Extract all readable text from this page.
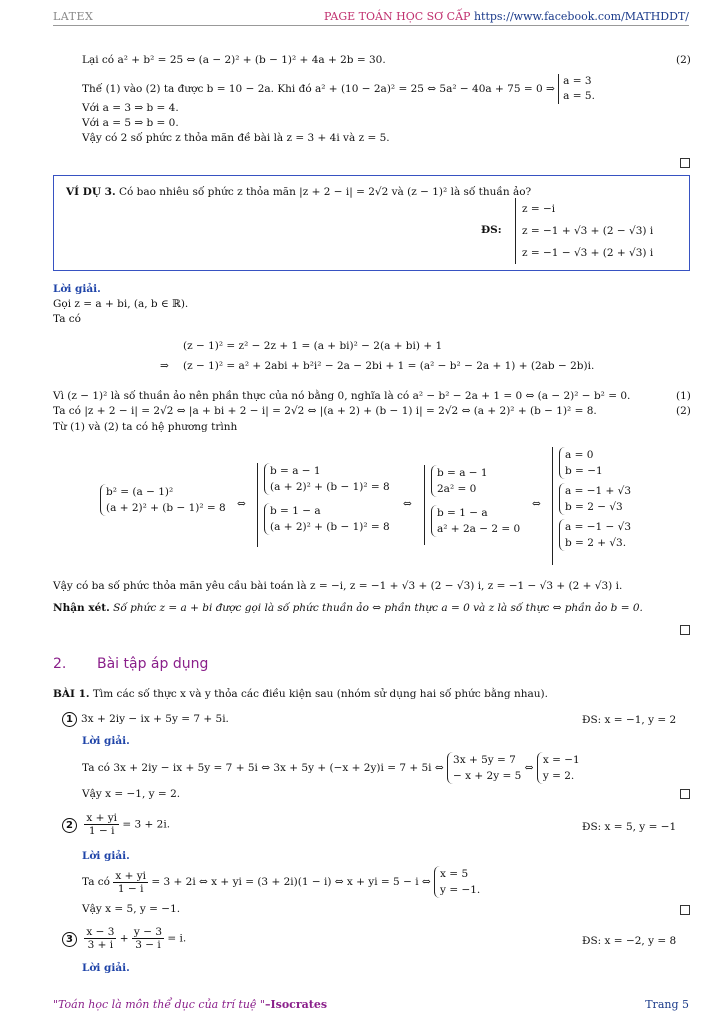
LATEX	PAGE TOÁN HỌC SƠ CẤP https://www.facebook.com/MATHDDT/
Lại có a² + b² = 25 ⇔ (a − 2)² + (b − 1)² + 4a + 2b = 30.	(2)
Thế (1) vào (2) ta được b = 10 − 2a. Khi đó a² + (10 − 2a)² = 25 ⇔ 5a² − 40a + 75 = 0 ⇒
a = 3
a = 5.
Với a = 3 ⇒ b = 4.
Với a = 5 ⇒ b = 0.
Vậy có 2 số phức z thỏa mãn đề bài là z = 3 + 4i và z = 5.
VÍ DỤ 3. Có bao nhiêu số phức z thỏa mãn |z + 2 − i| = 2√2 và (z − 1)² là số thuần ảo?
ĐS:
z = −i
z = −1 + √3 + (2 − √3) i
z = −1 − √3 + (2 + √3) i
Lời giải.
Gọi z = a + bi, (a, b ∈ ℝ).
Ta có
(z − 1)² = z² − 2z + 1 = (a + bi)² − 2(a + bi) + 1
⇒ (z − 1)² = a² + 2abi + b²i² − 2a − 2bi + 1 = (a² − b² − 2a + 1) + (2ab − 2b)i.
Vì (z − 1)² là số thuần ảo nên phần thực của nó bằng 0, nghĩa là có a² − b² − 2a + 1 = 0 ⇔ (a − 2)² − b² = 0.	(1)
Ta có |z + 2 − i| = 2√2 ⇔ |a + bi + 2 − i| = 2√2 ⇔ |(a + 2) + (b − 1) i| = 2√2 ⇔ (a + 2)² + (b − 1)² = 8.	(2)
Từ (1) và (2) ta có hệ phương trình
b² = (a − 1)²
(a + 2)² + (b − 1)² = 8 ⇔
b = a − 1
(a + 2)² + (b − 1)² = 8

b = 1 − a
(a + 2)² + (b − 1)² = 8
⇔
b = a − 1
2a² = 0

b = 1 − a
a² + 2a − 2 = 0
⇔
a = 0
b = −1

a = −1 + √3
b = 2 − √3

a = −1 − √3
b = 2 + √3.
Vậy có ba số phức thỏa mãn yêu cầu bài toán là z = −i, z = −1 + √3 + (2 − √3) i, z = −1 − √3 + (2 + √3) i.
Nhận xét. Số phức z = a + bi được gọi là số phức thuần ảo ⇔ phần thực a = 0 và z là số thực ⇔ phần ảo b = 0.
2. Bài tập áp dụng
BÀI 1. Tìm các số thực x và y thỏa các điều kiện sau (nhóm sử dụng hai số phức bằng nhau).
1 3x + 2iy − ix + 5y = 7 + 5i.	ĐS: x = −1, y = 2
Lời giải.
Ta có 3x + 2iy − ix + 5y = 7 + 5i ⇔ 3x + 5y + (−x + 2y)i = 7 + 5i ⇔
3x + 5y = 7
− x + 2y = 5
⇔
x = −1
y = 2.
Vậy x = −1, y = 2.
$2 \frac{x + yi}{1 - i} = 3 + 2i$.	ĐS: x = 5, y = −1
Lời giải.
Ta có $\frac{x + yi}{1 - i} = 3 + 2i$ ⇔ x + yi = (3 + 2i)(1 − i) ⇔ x + yi = 5 − i ⇔
x = 5
y = −1.
Vậy x = 5, y = −1.
$3 \frac{x - 3}{3 + i} + \frac{y - 3}{3 - i} = i$.	ĐS: x = −2, y = 8
Lời giải.
"Toán học là môn thể dục của trí tuệ "–Isocrates	Trang 5
